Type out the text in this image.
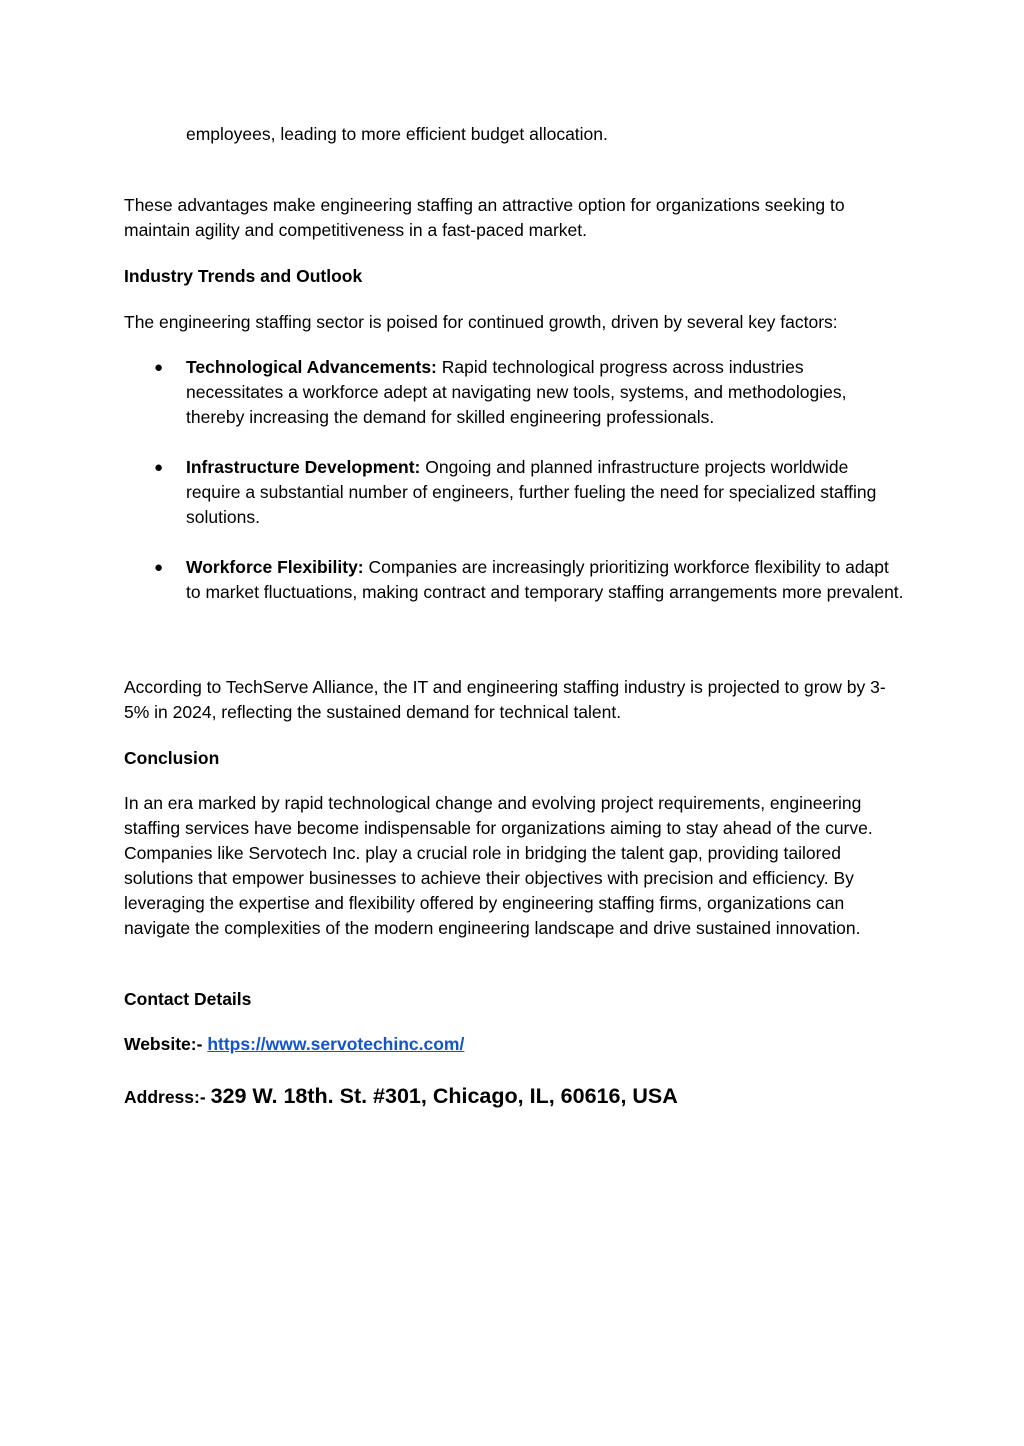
employees, leading to more efficient budget allocation.

These advantages make engineering staffing an attractive option for organizations seeking to maintain agility and competitiveness in a fast-paced market.

Industry Trends and Outlook

The engineering staffing sector is poised for continued growth, driven by several key factors:

●	Technological Advancements: Rapid technological progress across industries necessitates a workforce adept at navigating new tools, systems, and methodologies, thereby increasing the demand for skilled engineering professionals.
●	Infrastructure Development: Ongoing and planned infrastructure projects worldwide require a substantial number of engineers, further fueling the need for specialized staffing solutions.
●	Workforce Flexibility: Companies are increasingly prioritizing workforce flexibility to adapt to market fluctuations, making contract and temporary staffing arrangements more prevalent.

According to TechServe Alliance, the IT and engineering staffing industry is projected to grow by 3-5% in 2024, reflecting the sustained demand for technical talent.

Conclusion

In an era marked by rapid technological change and evolving project requirements, engineering staffing services have become indispensable for organizations aiming to stay ahead of the curve. Companies like Servotech Inc. play a crucial role in bridging the talent gap, providing tailored solutions that empower businesses to achieve their objectives with precision and efficiency. By leveraging the expertise and flexibility offered by engineering staffing firms, organizations can navigate the complexities of the modern engineering landscape and drive sustained innovation.

Contact Details

Website:- https://www.servotechinc.com/

Address:- 329 W. 18th. St. #301, Chicago, IL, 60616, USA
